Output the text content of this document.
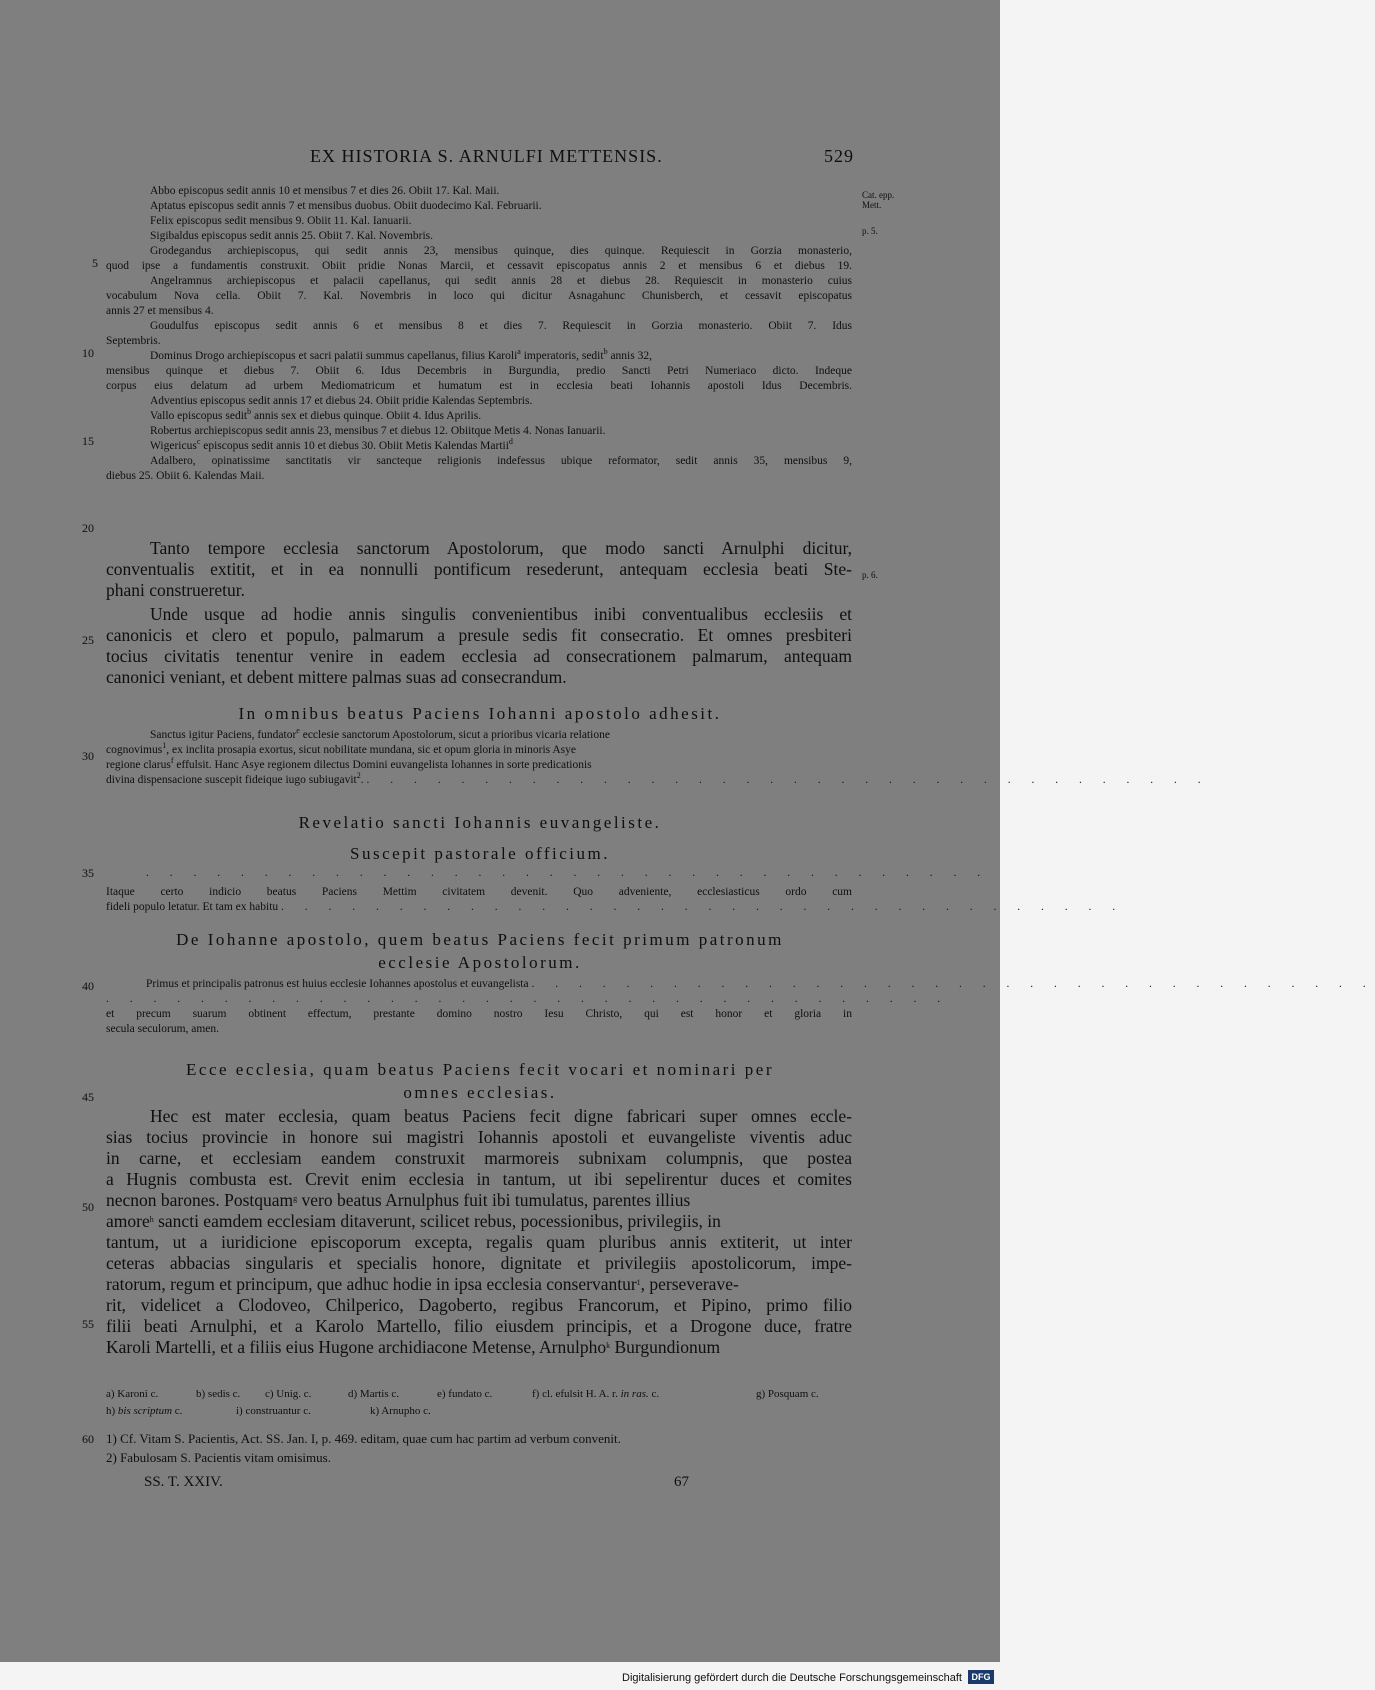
EX HISTORIA S. ARNULFI METTENSIS.	529
Cat. epp.
Mett.
p. 5.
p. 6.
5
10
15
20
25
30
35
40
45
50
55
60
Abbo episcopus sedit annis 10 et mensibus 7 et dies 26. Obiit 17. Kal. Maii.
Aptatus episcopus sedit annis 7 et mensibus duobus. Obiit duodecimo Kal. Februarii.
Felix episcopus sedit mensibus 9. Obiit 11. Kal. Ianuarii.
Sigibaldus episcopus sedit annis 25. Obiit 7. Kal. Novembris.
Grodegandus archiepiscopus, qui sedit annis 23, mensibus quinque, dies quinque. Requiescit in Gorzia monasterio,
quod ipse a fundamentis construxit. Obiit pridie Nonas Marcii, et cessavit episcopatus annis 2 et mensibus 6 et diebus 19.
Angelramnus archiepiscopus et palacii capellanus, qui sedit annis 28 et diebus 28. Requiescit in monasterio cuius
vocabulum Nova cella. Obiit 7. Kal. Novembris in loco qui dicitur Asnagahunc Chunisberch, et cessavit episcopatus
annis 27 et mensibus 4.
Goudulfus episcopus sedit annis 6 et mensibus 8 et dies 7. Requiescit in Gorzia monasterio. Obiit 7. Idus
Septembris.
Dominus Drogo archiepiscopus et sacri palatii summus capellanus, filius Karoli$^a$ imperatoris, sedit$^b$ annis 32,
mensibus quinque et diebus 7. Obiit 6. Idus Decembris in Burgundia, predio Sancti Petri Numeriaco dicto. Indeque
corpus eius delatum ad urbem Mediomatricum et humatum est in ecclesia beati Iohannis apostoli Idus Decembris.
Adventius episcopus sedit annis 17 et diebus 24. Obiit pridie Kalendas Septembris.
Vallo episcopus sedit$^b$ annis sex et diebus quinque. Obiit 4. Idus Aprilis.
Robertus archiepiscopus sedit annis 23, mensibus 7 et diebus 12. Obiitque Metis 4. Nonas Ianuarii.
Wigericus$^c$ episcopus sedit annis 10 et diebus 30. Obiit Metis Kalendas Martii$^d$
Adalbero, opinatissime sanctitatis vir sancteque religionis indefessus ubique reformator, sedit annis 35, mensibus 9,
diebus 25. Obiit 6. Kalendas Maii.
Tanto tempore ecclesia sanctorum Apostolorum, que modo sancti Arnulphi dicitur,
conventualis extitit, et in ea nonnulli pontificum resederunt, antequam ecclesia beati Ste-
phani construeretur.
Unde usque ad hodie annis singulis convenientibus inibi conventualibus ecclesiis et
canonicis et clero et populo, palmarum a presule sedis fit consecratio. Et omnes presbiteri
tocius civitatis tenentur venire in eadem ecclesia ad consecrationem palmarum, antequam
canonici veniant, et debent mittere palmas suas ad consecrandum.
In omnibus beatus Paciens Iohanni apostolo adhesit.
Sanctus igitur Paciens, fundator$^e$ ecclesie sanctorum Apostolorum, sicut a prioribus vicaria relatione
cognovimus$^1$, ex inclita prosapia exortus, sicut nobilitate mundana, sic et opum gloria in minoris Asye
regione clarus$^f$ effulsit. Hanc Asye regionem dilectus Domini euvangelista Iohannes in sorte predicationis
divina dispensacione suscepit fideique iugo subiugavit$^2$. . . . . . . . . . . . . . . . . . . . . . . . . . . . . . . . . . . . .
Revelatio sancti Iohannis euvangeliste.
Suscepit pastorale officium.
. . . . . . . . . . . . . . . . . . . . . . . . . . . . . . . . . . . .
Itaque certo indicio beatus Paciens Mettim civitatem devenit. Quo adveniente, ecclesiasticus ordo cum
fideli populo letatur. Et tam ex habitu . . . . . . . . . . . . . . . . . . . . . . . . . . . . . . . . . . . .
De Iohanne apostolo, quem beatus Paciens fecit primum patronum
ecclesie Apostolorum.
Primus et principalis patronus est huius ecclesie Iohannes apostolus et euvangelista . . . . . . . . . . . . . . . . . . . . . . . . . . . . . . . . . . . .
. . . . . . . . . . . . . . . . . . . . . . . . . . . . . . . . . . . .
et precum suarum obtinent effectum, prestante domino nostro Iesu Christo, qui est honor et gloria in
secula seculorum, amen.
Ecce ecclesia, quam beatus Paciens fecit vocari et nominari per
omnes ecclesias.
Hec est mater ecclesia, quam beatus Paciens fecit digne fabricari super omnes eccle-
sias tocius provincie in honore sui magistri Iohannis apostoli et euvangeliste viventis aduc
in carne, et ecclesiam eandem construxit marmoreis subnixam columpnis, que postea
a Hugnis combusta est. Crevit enim ecclesia in tantum, ut ibi sepelirentur duces et comites
necnon barones. Postquam$^g$ vero beatus Arnulphus fuit ibi tumulatus, parentes illius
amore$^h$ sancti eamdem ecclesiam ditaverunt, scilicet rebus, pocessionibus, privilegiis, in
tantum, ut a iuridicione episcoporum excepta, regalis quam pluribus annis extiterit, ut inter
ceteras abbacias singularis et specialis honore, dignitate et privilegiis apostolicorum, impe-
ratorum, regum et principum, que adhuc hodie in ipsa ecclesia conservantur$^1$, perseverave-
rit, videlicet a Clodoveo, Chilperico, Dagoberto, regibus Francorum, et Pipino, primo filio
filii beati Arnulphi, et a Karolo Martello, filio eiusdem principis, et a Drogone duce, fratre
Karoli Martelli, et a filiis eius Hugone archidiacone Metense, Arnulpho$^k$ Burgundionum
a) Karoni c.	b) sedis c. c) Unig. c.	d) Martis c.	e) fundato c.	f) cl. efulsit H. A. r. in ras. c.	g) Posquam c.
h) bis scriptum c.	i) construantur c.	k) Arnupho c.
1) Cf. Vitam S. Pacientis, Act. SS. Jan. I, p. 469. editam, quae cum hac partim ad verbum convenit.
2) Fabulosam S. Pacientis vitam omisimus.
SS. T. XXIV.	67
Digitalisierung gefördert durch die Deutsche Forschungsgemeinschaft	DFG
